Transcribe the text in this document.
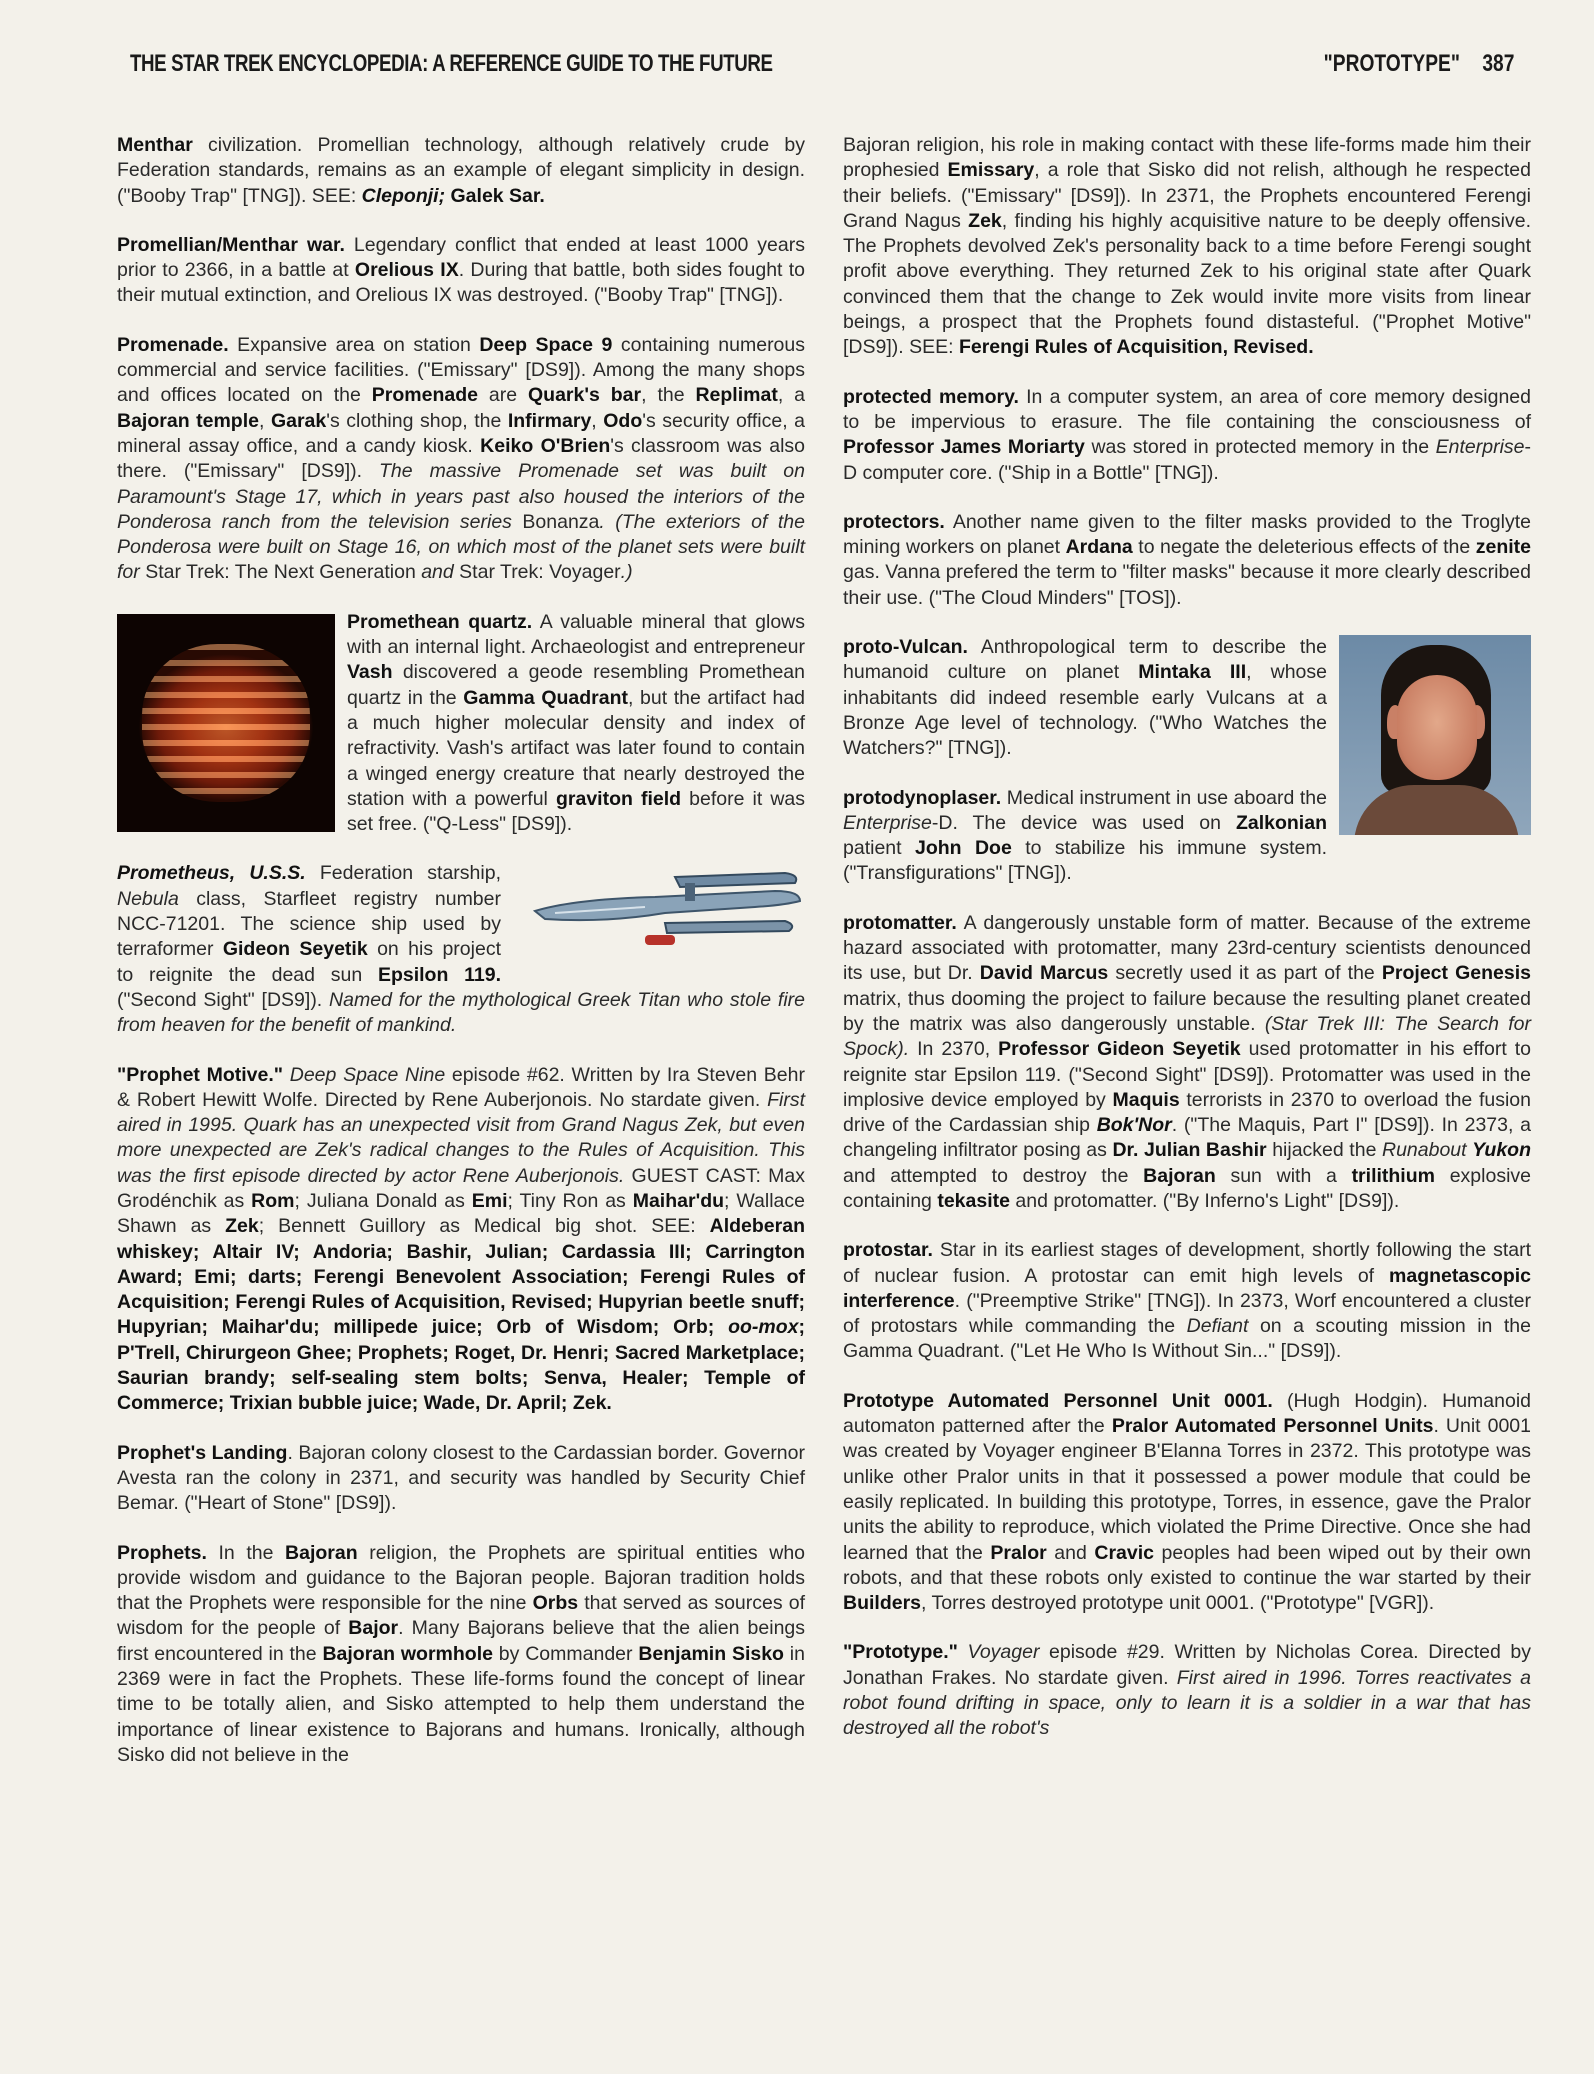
THE STAR TREK ENCYCLOPEDIA: A REFERENCE GUIDE TO THE FUTURE	"PROTOTYPE" 387

Menthar civilization. Promellian technology, although relatively crude by Federation standards, remains as an example of elegant simplicity in design. ("Booby Trap" [TNG]). SEE: Cleponji; Galek Sar.

Promellian/Menthar war. Legendary conflict that ended at least 1000 years prior to 2366, in a battle at Orelious IX. During that battle, both sides fought to their mutual extinction, and Orelious IX was destroyed. ("Booby Trap" [TNG]).

Promenade. Expansive area on station Deep Space 9 containing numerous commercial and service facilities. ("Emissary" [DS9]). Among the many shops and offices located on the Promenade are Quark's bar, the Replimat, a Bajoran temple, Garak's clothing shop, the Infirmary, Odo's security office, a mineral assay office, and a candy kiosk. Keiko O'Brien's classroom was also there. ("Emissary" [DS9]). The massive Promenade set was built on Paramount's Stage 17, which in years past also housed the interiors of the Ponderosa ranch from the television series Bonanza. (The exteriors of the Ponderosa were built on Stage 16, on which most of the planet sets were built for Star Trek: The Next Generation and Star Trek: Voyager.)

Promethean quartz. A valuable mineral that glows with an internal light. Archaeologist and entrepreneur Vash discovered a geode resembling Promethean quartz in the Gamma Quadrant, but the artifact had a much higher molecular density and index of refractivity. Vash's artifact was later found to contain a winged energy creature that nearly destroyed the station with a powerful graviton field before it was set free. ("Q-Less" [DS9]).
Prometheus, U.S.S. Federation starship, Nebula class, Starfleet registry number NCC-71201. The science ship used by terraformer Gideon Seyetik on his project to reignite the dead sun Epsilon 119. ("Second Sight" [DS9]). Named for the mythological Greek Titan who stole fire from heaven for the benefit of mankind.

"Prophet Motive." Deep Space Nine episode #62. Written by Ira Steven Behr & Robert Hewitt Wolfe. Directed by Rene Auberjonois. No stardate given. First aired in 1995. Quark has an unexpected visit from Grand Nagus Zek, but even more unexpected are Zek's radical changes to the Rules of Acquisition. This was the first episode directed by actor Rene Auberjonois. GUEST CAST: Max Grodénchik as Rom; Juliana Donald as Emi; Tiny Ron as Maihar'du; Wallace Shawn as Zek; Bennett Guillory as Medical big shot. SEE: Aldeberan whiskey; Altair IV; Andoria; Bashir, Julian; Cardassia III; Carrington Award; Emi; darts; Ferengi Benevolent Association; Ferengi Rules of Acquisition; Ferengi Rules of Acquisition, Revised; Hupyrian beetle snuff; Hupyrian; Maihar'du; millipede juice; Orb of Wisdom; Orb; oo-mox; P'Trell, Chirurgeon Ghee; Prophets; Roget, Dr. Henri; Sacred Marketplace; Saurian brandy; self-sealing stem bolts; Senva, Healer; Temple of Commerce; Trixian bubble juice; Wade, Dr. April; Zek.

Prophet's Landing. Bajoran colony closest to the Cardassian border. Governor Avesta ran the colony in 2371, and security was handled by Security Chief Bemar. ("Heart of Stone" [DS9]).

Prophets. In the Bajoran religion, the Prophets are spiritual entities who provide wisdom and guidance to the Bajoran people. Bajoran tradition holds that the Prophets were responsible for the nine Orbs that served as sources of wisdom for the people of Bajor. Many Bajorans believe that the alien beings first encountered in the Bajoran wormhole by Commander Benjamin Sisko in 2369 were in fact the Prophets. These life-forms found the concept of linear time to be totally alien, and Sisko attempted to help them understand the importance of linear existence to Bajorans and humans. Ironically, although Sisko did not believe in the

Bajoran religion, his role in making contact with these life-forms made him their prophesied Emissary, a role that Sisko did not relish, although he respected their beliefs. ("Emissary" [DS9]). In 2371, the Prophets encountered Ferengi Grand Nagus Zek, finding his highly acquisitive nature to be deeply offensive. The Prophets devolved Zek's personality back to a time before Ferengi sought profit above everything. They returned Zek to his original state after Quark convinced them that the change to Zek would invite more visits from linear beings, a prospect that the Prophets found distasteful. ("Prophet Motive" [DS9]). SEE: Ferengi Rules of Acquisition, Revised.

protected memory. In a computer system, an area of core memory designed to be impervious to erasure. The file containing the consciousness of Professor James Moriarty was stored in protected memory in the Enterprise-D computer core. ("Ship in a Bottle" [TNG]).

protectors. Another name given to the filter masks provided to the Troglyte mining workers on planet Ardana to negate the deleterious effects of the zenite gas. Vanna prefered the term to "filter masks" because it more clearly described their use. ("The Cloud Minders" [TOS]).

proto-Vulcan. Anthropological term to describe the humanoid culture on planet Mintaka III, whose inhabitants did indeed resemble early Vulcans at a Bronze Age level of technology. ("Who Watches the Watchers?" [TNG]).

protodynoplaser. Medical instrument in use aboard the Enterprise-D. The device was used on Zalkonian patient John Doe to stabilize his immune system. ("Transfigurations" [TNG]).

protomatter. A dangerously unstable form of matter. Because of the extreme hazard associated with protomatter, many 23rd-century scientists denounced its use, but Dr. David Marcus secretly used it as part of the Project Genesis matrix, thus dooming the project to failure because the resulting planet created by the matrix was also dangerously unstable. (Star Trek III: The Search for Spock). In 2370, Professor Gideon Seyetik used protomatter in his effort to reignite star Epsilon 119. ("Second Sight" [DS9]). Protomatter was used in the implosive device employed by Maquis terrorists in 2370 to overload the fusion drive of the Cardassian ship Bok'Nor. ("The Maquis, Part I" [DS9]). In 2373, a changeling infiltrator posing as Dr. Julian Bashir hijacked the Runabout Yukon and attempted to destroy the Bajoran sun with a trilithium explosive containing tekasite and protomatter. ("By Inferno's Light" [DS9]).

protostar. Star in its earliest stages of development, shortly following the start of nuclear fusion. A protostar can emit high levels of magnetascopic interference. ("Preemptive Strike" [TNG]). In 2373, Worf encountered a cluster of protostars while commanding the Defiant on a scouting mission in the Gamma Quadrant. ("Let He Who Is Without Sin..." [DS9]).

Prototype Automated Personnel Unit 0001. (Hugh Hodgin). Humanoid automaton patterned after the Pralor Automated Personnel Units. Unit 0001 was created by Voyager engineer B'Elanna Torres in 2372. This prototype was unlike other Pralor units in that it possessed a power module that could be easily replicated. In building this prototype, Torres, in essence, gave the Pralor units the ability to reproduce, which violated the Prime Directive. Once she had learned that the Pralor and Cravic peoples had been wiped out by their own robots, and that these robots only existed to continue the war started by their Builders, Torres destroyed prototype unit 0001. ("Prototype" [VGR]).

"Prototype." Voyager episode #29. Written by Nicholas Corea. Directed by Jonathan Frakes. No stardate given. First aired in 1996. Torres reactivates a robot found drifting in space, only to learn it is a soldier in a war that has destroyed all the robot's
